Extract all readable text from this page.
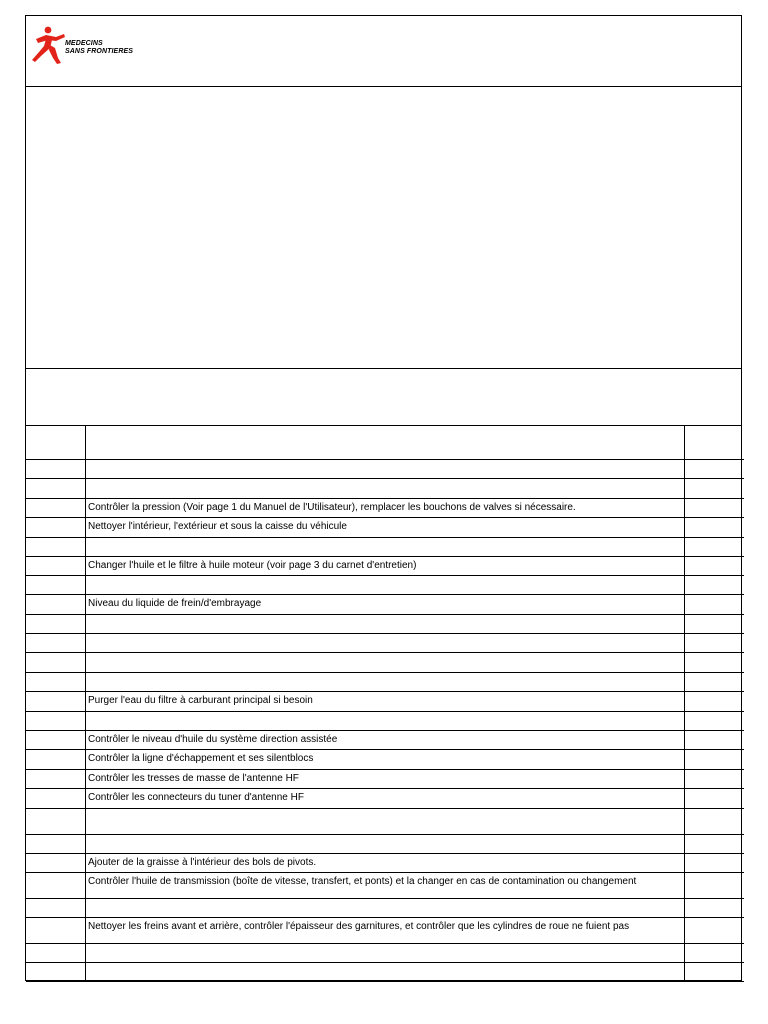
MEDECINS
SANS FRONTIERES

	Contrôler la pression (Voir page 1 du Manuel de l'Utilisateur), remplacer les bouchons de valves si nécessaire.	

	Nettoyer l'intérieur, l'extérieur et sous la caisse du véhicule	

	Changer l'huile et le filtre à huile moteur (voir page 3 du carnet d'entretien)	

	Niveau du liquide de frein/d'embrayage	

	Purger l'eau du filtre à carburant principal si besoin	

	Contrôler le niveau d'huile du système direction assistée	

	Contrôler la ligne d'échappement et ses silentblocs	

	Contrôler les tresses de masse de l'antenne HF	

	Contrôler les connecteurs du tuner d'antenne HF	

	Ajouter de la graisse à l'intérieur des bols de pivots.	

	Contrôler l'huile de transmission (boîte de vitesse, transfert, et ponts) et la changer en cas de contamination ou changement	

	Nettoyer les freins avant et arrière, contrôler l'épaisseur des garnitures, et contrôler que les cylindres de roue ne fuient pas	
